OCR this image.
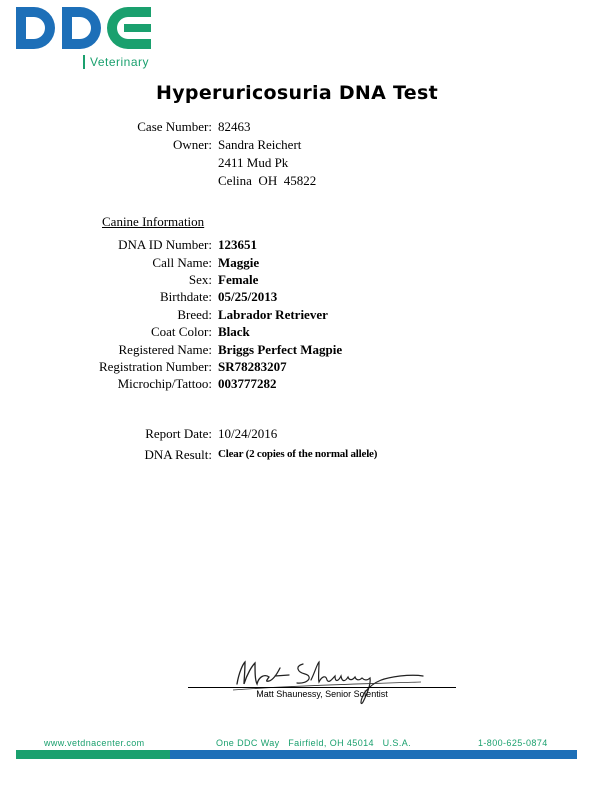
Veterinary
Hyperuricosuria DNA Test
Case Number: 82463
Owner: Sandra Reichert
2411 Mud Pk
Celina  OH  45822
Canine Information
DNA ID Number: 123651
Call Name: Maggie
Sex: Female
Birthdate: 05/25/2013
Breed: Labrador Retriever
Coat Color: Black
Registered Name: Briggs Perfect Magpie
Registration Number: SR78283207
Microchip/Tattoo: 003777282
Report Date: 10/24/2016
DNA Result: Clear (2 copies of the normal allele)
Matt Shaunessy, Senior Scientist
www.vetdnacenter.com	One DDC Way   Fairfield, OH 45014   U.S.A.	1-800-625-0874
